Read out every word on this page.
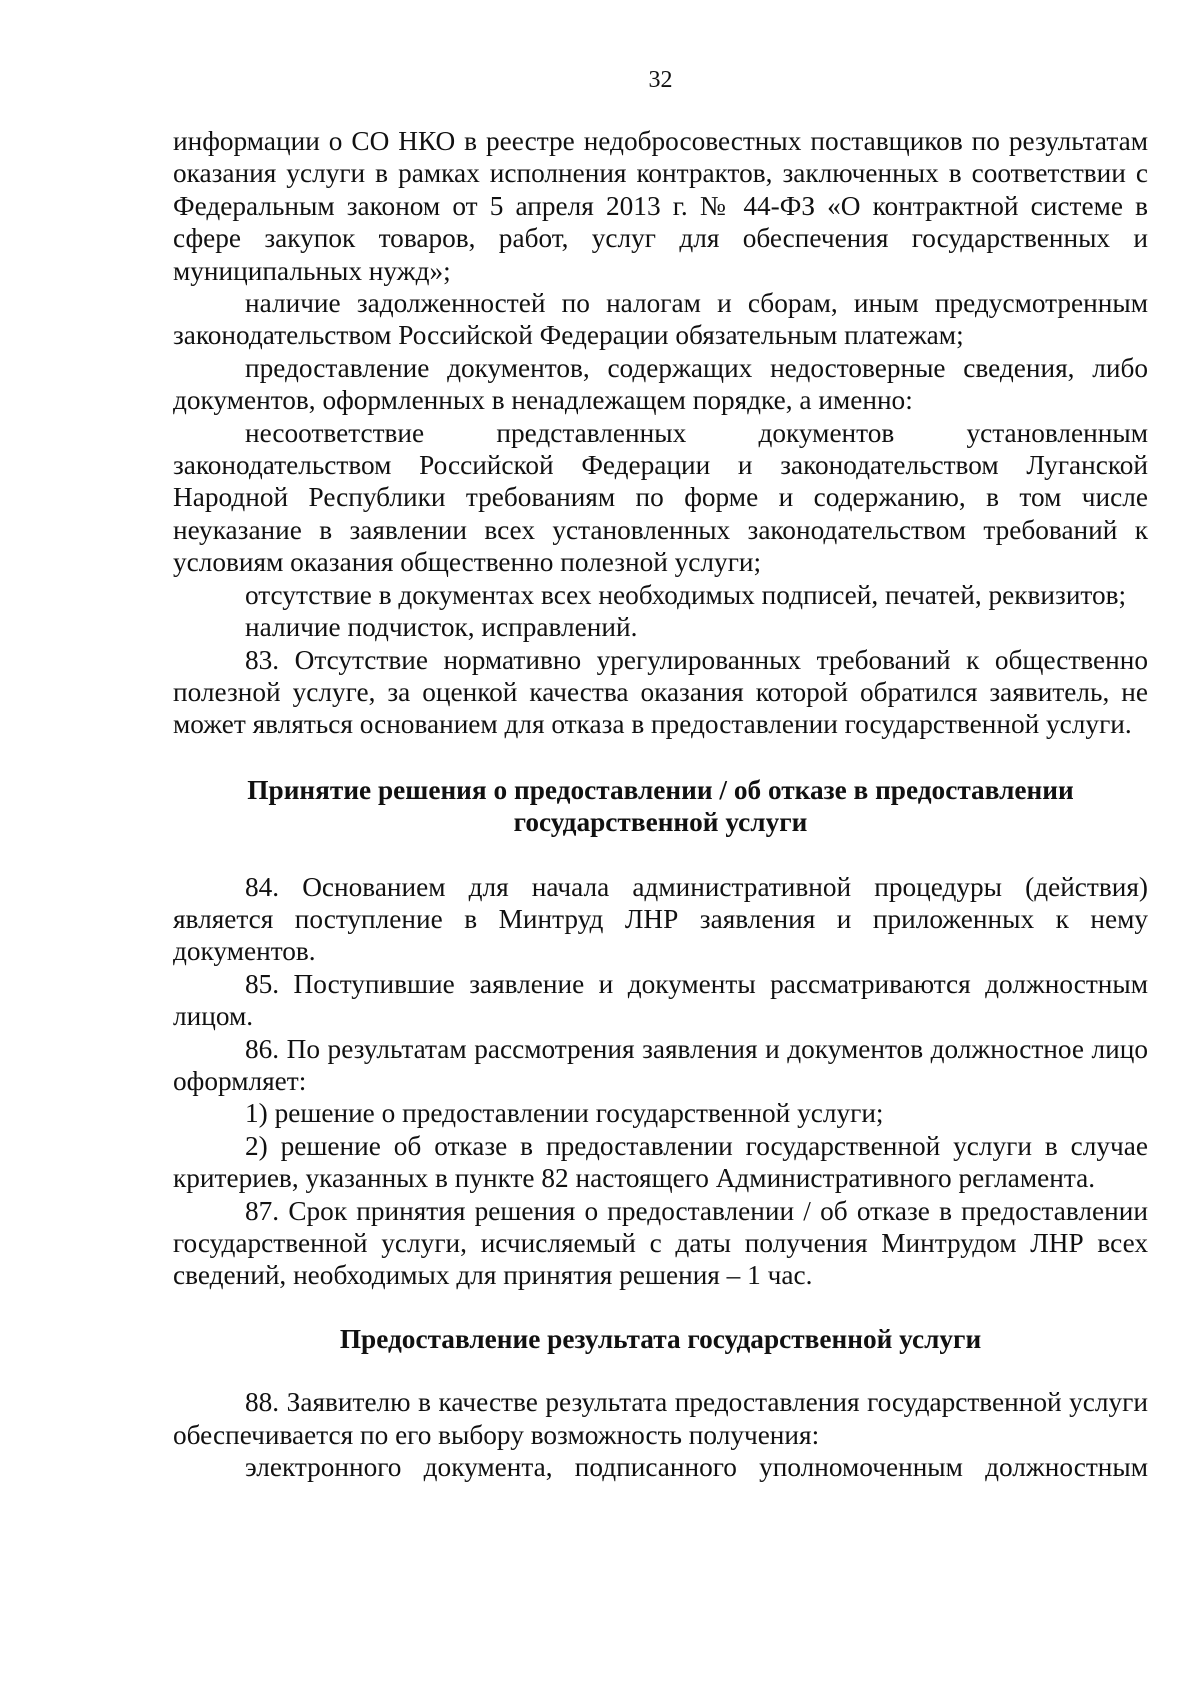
32

информации о СО НКО в реестре недобросовестных поставщиков по результатам оказания услуги в рамках исполнения контрактов, заключенных в соответствии с Федеральным законом от 5 апреля 2013 г. № 44-ФЗ «О контрактной системе в сфере закупок товаров, работ, услуг для обеспечения государственных и муниципальных нужд»;

наличие задолженностей по налогам и сборам, иным предусмотренным законодательством Российской Федерации обязательным платежам;

предоставление документов, содержащих недостоверные сведения, либо документов, оформленных в ненадлежащем порядке, а именно:

несоответствие представленных документов установленным законодательством Российской Федерации и законодательством Луганской Народной Республики требованиям по форме и содержанию, в том числе неуказание в заявлении всех установленных законодательством требований к условиям оказания общественно полезной услуги;

отсутствие в документах всех необходимых подписей, печатей, реквизитов;

наличие подчисток, исправлений.

83. Отсутствие нормативно урегулированных требований к общественно полезной услуге, за оценкой качества оказания которой обратился заявитель, не может являться основанием для отказа в предоставлении государственной услуги.

Принятие решения о предоставлении / об отказе в предоставлении
государственной услуги

84. Основанием для начала административной процедуры (действия) является поступление в Минтруд ЛНР заявления и приложенных к нему документов.

85. Поступившие заявление и документы рассматриваются должностным лицом.

86. По результатам рассмотрения заявления и документов должностное лицо оформляет:

1) решение о предоставлении государственной услуги;

2) решение об отказе в предоставлении государственной услуги в случае критериев, указанных в пункте 82 настоящего Административного регламента.

87. Срок принятия решения о предоставлении / об отказе в предоставлении государственной услуги, исчисляемый с даты получения Минтрудом ЛНР всех сведений, необходимых для принятия решения – 1 час.

Предоставление результата государственной услуги

88. Заявителю в качестве результата предоставления государственной услуги обеспечивается по его выбору возможность получения:

электронного документа, подписанного уполномоченным должностным
